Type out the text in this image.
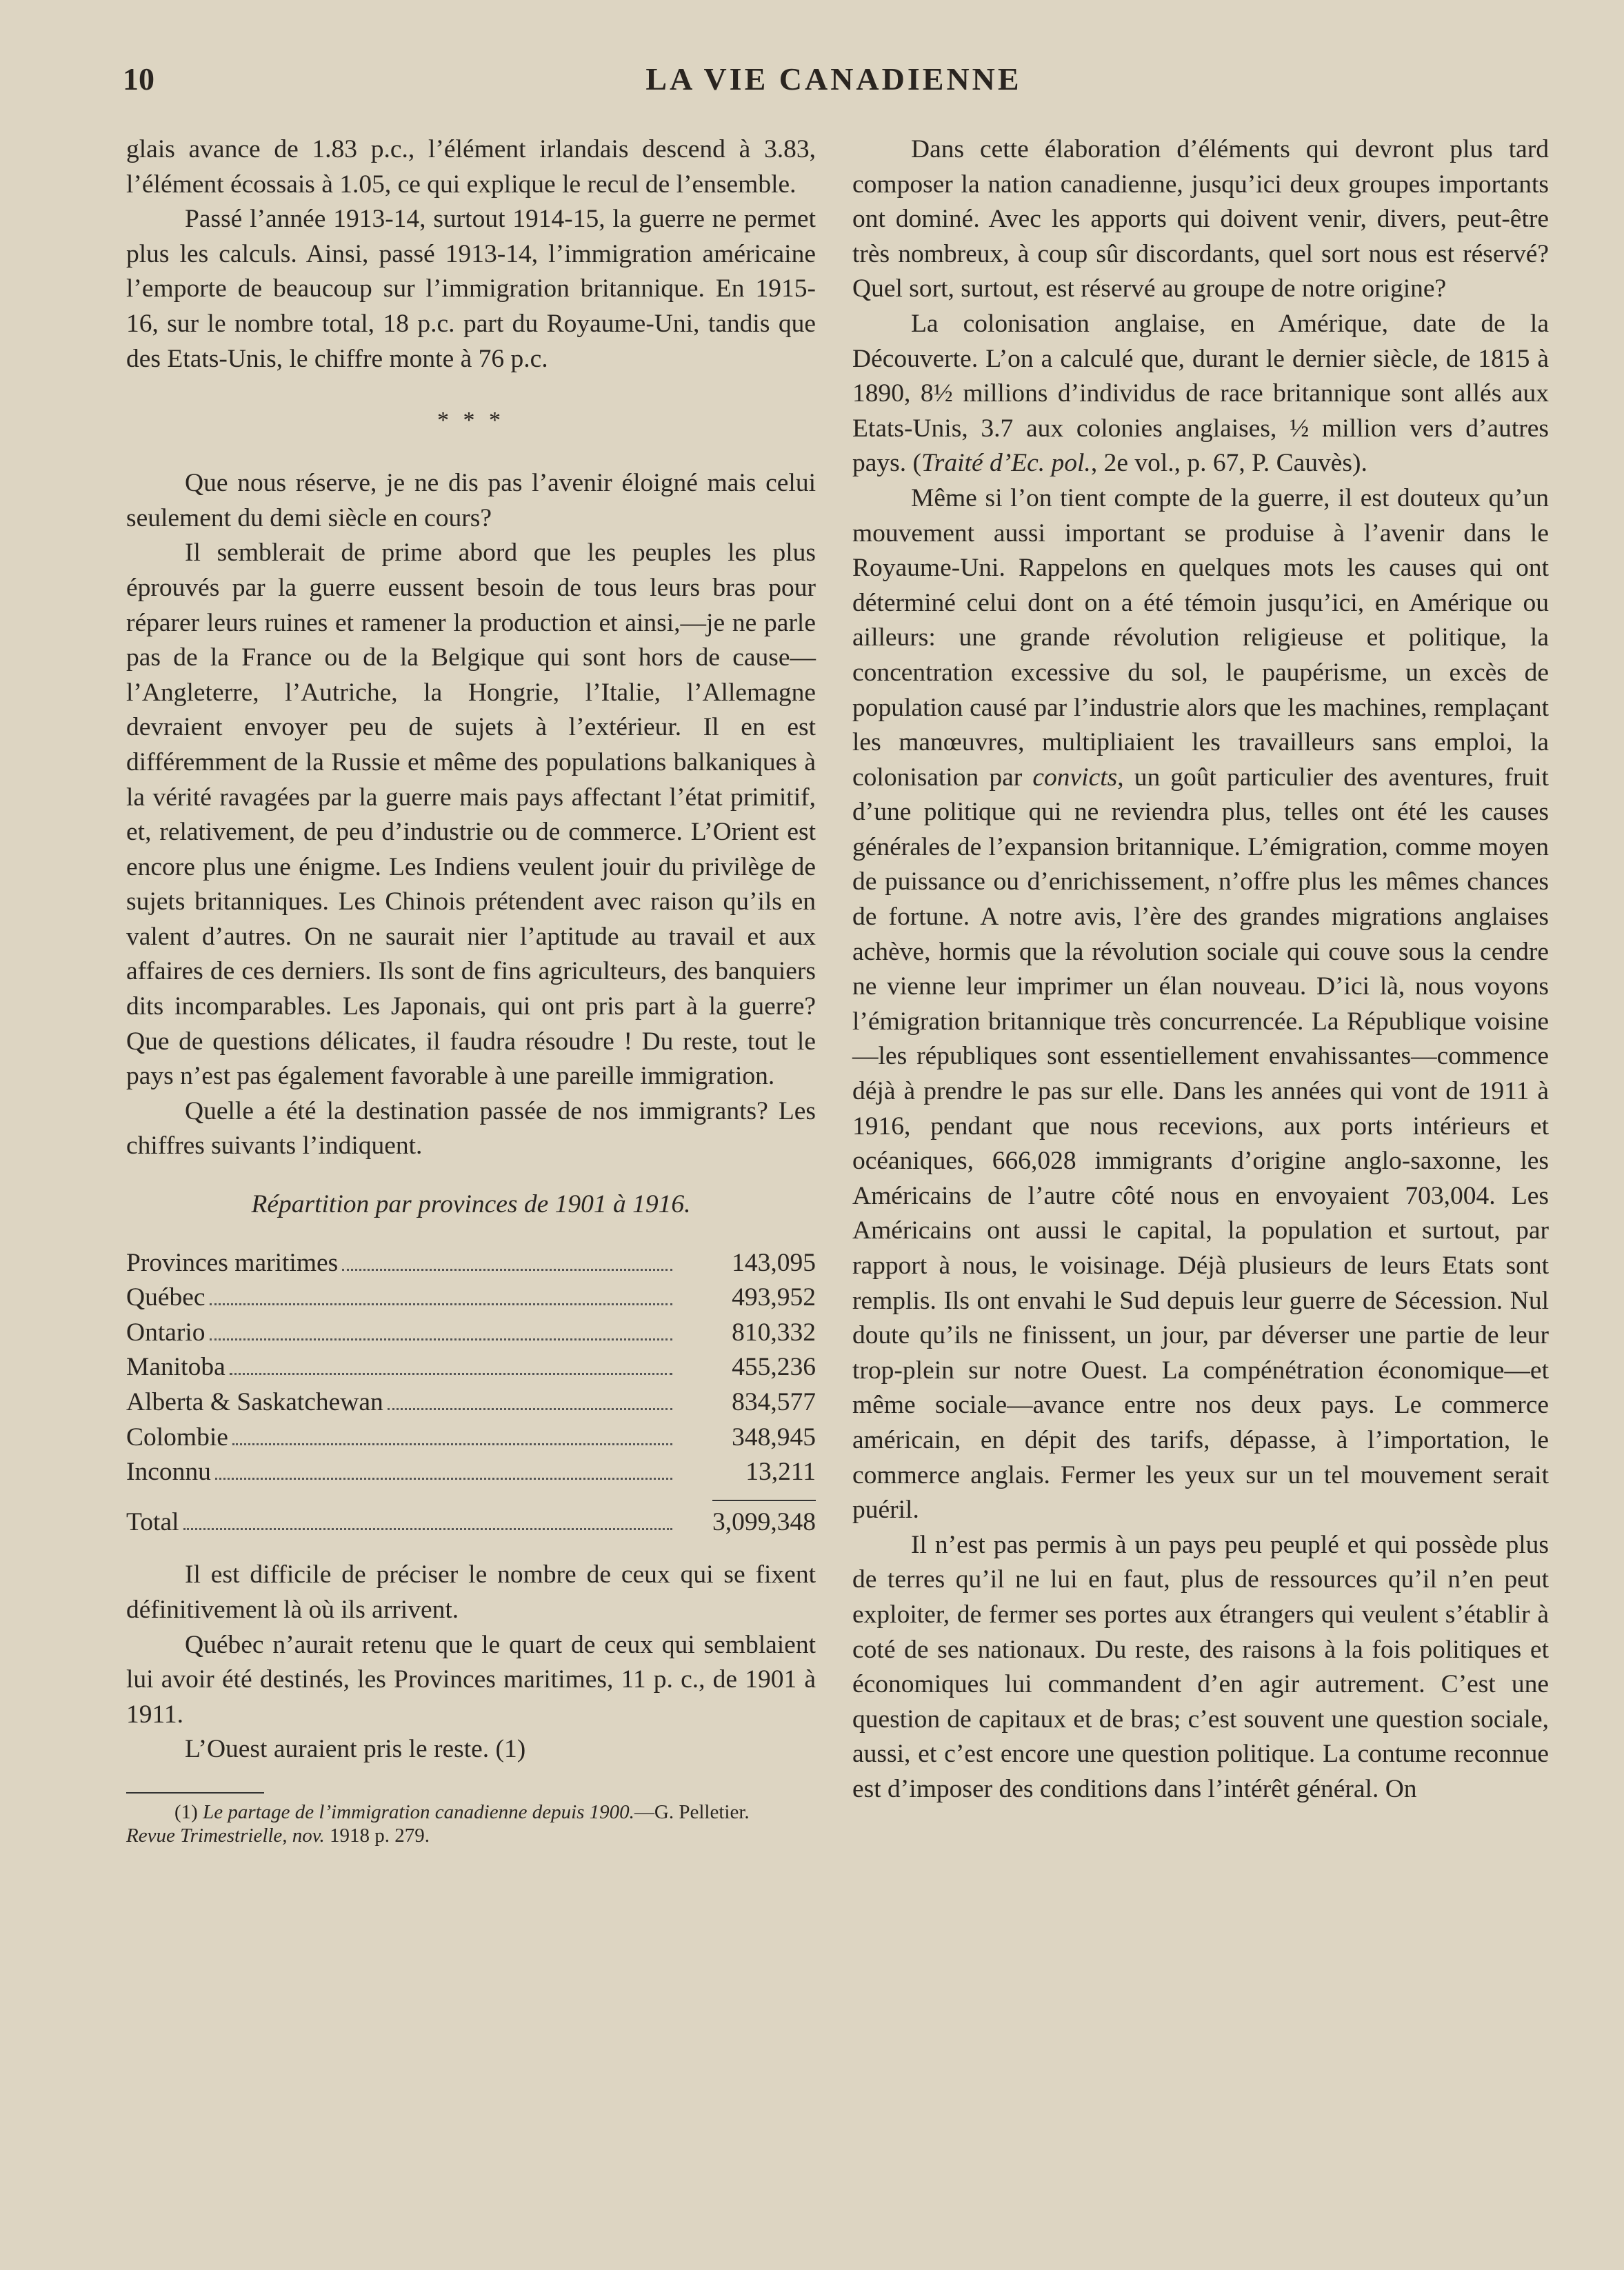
10	LA VIE CANADIENNE

glais avance de 1.83 p.c., l’élément irlandais descend à 3.83, l’élément écossais à 1.05, ce qui explique le recul de l’ensemble.

Passé l’année 1913-14, surtout 1914-15, la guerre ne permet plus les calculs. Ainsi, passé 1913-14, l’immigration américaine l’emporte de beaucoup sur l’immigration britannique. En 1915-16, sur le nombre total, 18 p.c. part du Royaume-Uni, tandis que des Etats-Unis, le chiffre monte à 76 p.c.

* * *

Que nous réserve, je ne dis pas l’avenir éloigné mais celui seulement du demi siècle en cours?

Il semblerait de prime abord que les peuples les plus éprouvés par la guerre eussent besoin de tous leurs bras pour réparer leurs ruines et ramener la production et ainsi,—je ne parle pas de la France ou de la Belgique qui sont hors de cause—l’Angleterre, l’Autriche, la Hongrie, l’Italie, l’Allemagne devraient envoyer peu de sujets à l’extérieur. Il en est différemment de la Russie et même des populations balkaniques à la vérité ravagées par la guerre mais pays affectant l’état primitif, et, relativement, de peu d’industrie ou de commerce. L’Orient est encore plus une énigme. Les Indiens veulent jouir du privilège de sujets britanniques. Les Chinois prétendent avec raison qu’ils en valent d’autres. On ne saurait nier l’aptitude au travail et aux affaires de ces derniers. Ils sont de fins agriculteurs, des banquiers dits incomparables. Les Japonais, qui ont pris part à la guerre? Que de questions délicates, il faudra résoudre ! Du reste, tout le pays n’est pas également favorable à une pareille immigration.

Quelle a été la destination passée de nos immigrants? Les chiffres suivants l’indiquent.

Répartition par provinces de 1901 à 1916.
Provinces maritimes	143,095

Québec	493,952

Ontario	810,332

Manitoba	455,236

Alberta & Saskatchewan	834,577

Colombie	348,945

Inconnu	13,211
Total	3,099,348

Il est difficile de préciser le nombre de ceux qui se fixent définitivement là où ils arrivent.

Québec n’aurait retenu que le quart de ceux qui semblaient lui avoir été destinés, les Provinces maritimes, 11 p. c., de 1901 à 1911.

L’Ouest auraient pris le reste. (1)

(1) Le partage de l’immigration canadienne depuis 1900.—G. Pelletier.
Revue Trimestrielle, nov. 1918 p. 279.

Dans cette élaboration d’éléments qui devront plus tard composer la nation canadienne, jusqu’ici deux groupes importants ont dominé. Avec les apports qui doivent venir, divers, peut-être très nombreux, à coup sûr discordants, quel sort nous est réservé? Quel sort, surtout, est réservé au groupe de notre origine?

La colonisation anglaise, en Amérique, date de la Découverte. L’on a calculé que, durant le dernier siècle, de 1815 à 1890, 8½ millions d’individus de race britannique sont allés aux Etats-Unis, 3.7 aux colonies anglaises, ½ million vers d’autres pays. (Traité d’Ec. pol., 2e vol., p. 67, P. Cauvès).

Même si l’on tient compte de la guerre, il est douteux qu’un mouvement aussi important se produise à l’avenir dans le Royaume-Uni. Rappelons en quelques mots les causes qui ont déterminé celui dont on a été témoin jusqu’ici, en Amérique ou ailleurs: une grande révolution religieuse et politique, la concentration excessive du sol, le paupérisme, un excès de population causé par l’industrie alors que les machines, remplaçant les manœuvres, multipliaient les travailleurs sans emploi, la colonisation par convicts, un goût particulier des aventures, fruit d’une politique qui ne reviendra plus, telles ont été les causes générales de l’expansion britannique. L’émigration, comme moyen de puissance ou d’enrichissement, n’offre plus les mêmes chances de fortune. A notre avis, l’ère des grandes migrations anglaises achève, hormis que la révolution sociale qui couve sous la cendre ne vienne leur imprimer un élan nouveau. D’ici là, nous voyons l’émigration britannique très concurrencée. La République voisine—les républiques sont essentiellement envahissantes—commence déjà à prendre le pas sur elle. Dans les années qui vont de 1911 à 1916, pendant que nous recevions, aux ports intérieurs et océaniques, 666,028 immigrants d’origine anglo-saxonne, les Américains de l’autre côté nous en envoyaient 703,004. Les Américains ont aussi le capital, la population et surtout, par rapport à nous, le voisinage. Déjà plusieurs de leurs Etats sont remplis. Ils ont envahi le Sud depuis leur guerre de Sécession. Nul doute qu’ils ne finissent, un jour, par déverser une partie de leur trop-plein sur notre Ouest. La compénétration économique—et même sociale—avance entre nos deux pays. Le commerce américain, en dépit des tarifs, dépasse, à l’importation, le commerce anglais. Fermer les yeux sur un tel mouvement serait puéril.

Il n’est pas permis à un pays peu peuplé et qui possède plus de terres qu’il ne lui en faut, plus de ressources qu’il n’en peut exploiter, de fermer ses portes aux étrangers qui veulent s’établir à coté de ses nationaux. Du reste, des raisons à la fois politiques et économiques lui commandent d’en agir autrement. C’est une question de capitaux et de bras; c’est souvent une question sociale, aussi, et c’est encore une question politique. La contume reconnue est d’imposer des conditions dans l’intérêt général. On
